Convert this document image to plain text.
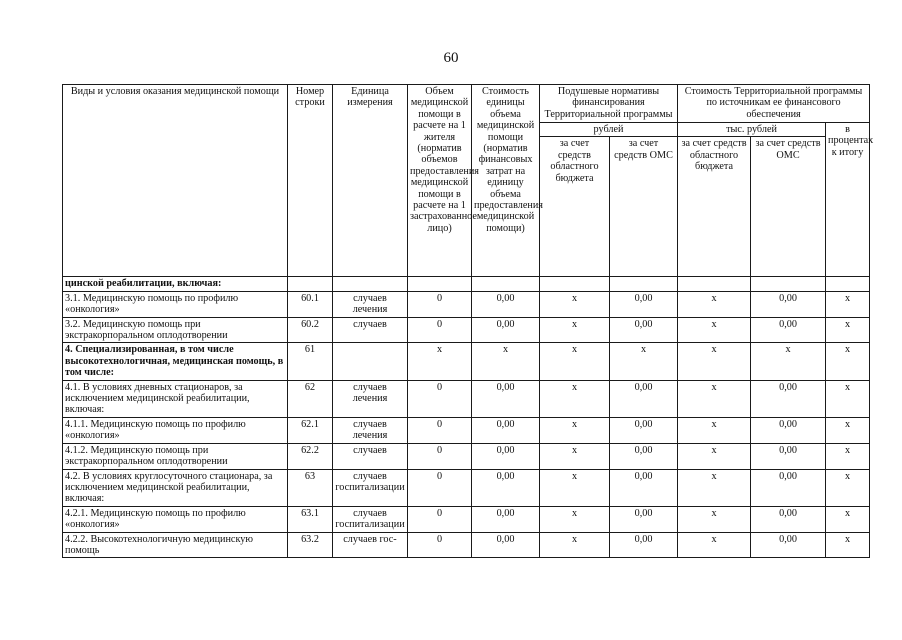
60
Виды и условия оказания медицинской помощи	Номер строки	Единица измерения	Объем медицинской помощи в расчете на 1 жителя (норматив объемов предоставления медицинской помощи в расчете на 1 застрахованное лицо)	Стоимость единицы объема медицинской помощи (норматив финансовых затрат на единицу объема предоставления медицинской помощи)	Подушевые нормативы финансирования Территориальной программы		Стоимость Территориальной программы по источникам ее финансового обеспечения		
					рублей		тыс. рублей		в процентах к итогу
					за счет средств областного бюджета	за счет средств ОМС	за счет средств областного бюджета	за счет средств ОМС	
цинской реабилитации, включая:									
3.1. Медицинскую помощь по профилю «онкология»	60.1	случаев лечения	0	0,00	x	0,00	x	0,00	x
3.2. Медицинскую помощь при экстракорпоральном оплодотворении	60.2	случаев	0	0,00	x	0,00	x	0,00	x
4. Специализированная, в том числе высокотехнологичная, медицинская помощь, в том числе:	61		x	x	x	x	x	x	x
4.1. В условиях дневных стационаров, за исключением медицинской реабилитации, включая:	62	случаев лечения	0	0,00	x	0,00	x	0,00	x
4.1.1. Медицинскую помощь по профилю «онкология»	62.1	случаев лечения	0	0,00	x	0,00	x	0,00	x
4.1.2. Медицинскую помощь при экстракорпоральном оплодотворении	62.2	случаев	0	0,00	x	0,00	x	0,00	x
4.2. В условиях круглосуточного стационара, за исключением медицинской реабилитации, включая:	63	случаев госпитализации	0	0,00	x	0,00	x	0,00	x
4.2.1. Медицинскую помощь по профилю «онкология»	63.1	случаев госпитализации	0	0,00	x	0,00	x	0,00	x
4.2.2. Высокотехнологичную медицинскую помощь	63.2	случаев гос-	0	0,00	x	0,00	x	0,00	x
